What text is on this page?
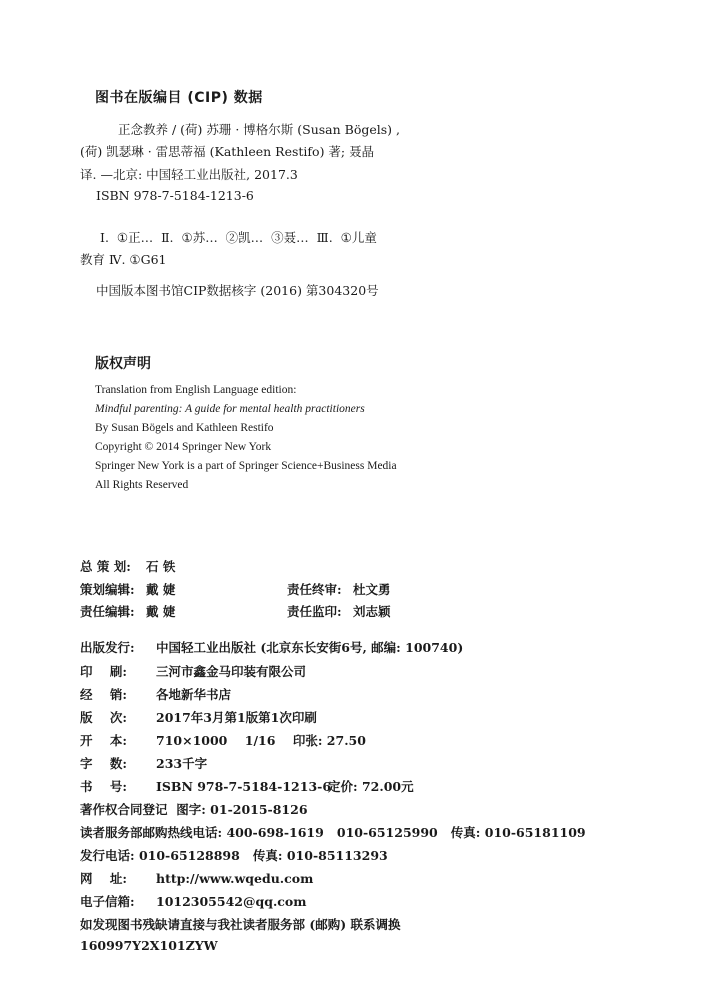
图书在版编目 (CIP) 数据
正念教养 / (荷) 苏珊 · 博格尔斯 (Susan Bögels) ,
(荷) 凯瑟琳 · 雷思蒂福 (Kathleen Restifo) 著; 聂晶
译. —北京: 中国轻工业出版社, 2017.3
ISBN 978-7-5184-1213-6
Ⅰ. ①正… Ⅱ. ①苏… ②凯… ③聂… Ⅲ. ①儿童
教育 Ⅳ. ①G61
中国版本图书馆CIP数据核字 (2016) 第304320号
版权声明
Translation from English Language edition:
Mindful parenting: A guide for mental health practitioners
By Susan Bögels and Kathleen Restifo
Copyright © 2014 Springer New York
Springer New York is a part of Springer Science+Business Media
All Rights Reserved
总 策 划: 石 铁
策划编辑: 戴 婕	责任终审: 杜文勇
责任编辑: 戴 婕	责任监印: 刘志颖
出版发行: 中国轻工业出版社 (北京东长安街6号, 邮编: 100740)
印    刷: 三河市鑫金马印装有限公司
经    销: 各地新华书店
版    次: 2017年3月第1版第1次印刷
开    本: 710×1000    1/16    印张: 27.50
字    数: 233千字
书    号: ISBN 978-7-5184-1213-6
定价: 72.00元
著作权合同登记  图字: 01-2015-8126
读者服务部邮购热线电话: 400-698-1619   010-65125990   传真: 010-65181109
发行电话: 010-65128898   传真: 010-85113293
网    址: http://www.wqedu.com
电子信箱: 1012305542@qq.com
如发现图书残缺请直接与我社读者服务部 (邮购) 联系调换
160997Y2X101ZYW
